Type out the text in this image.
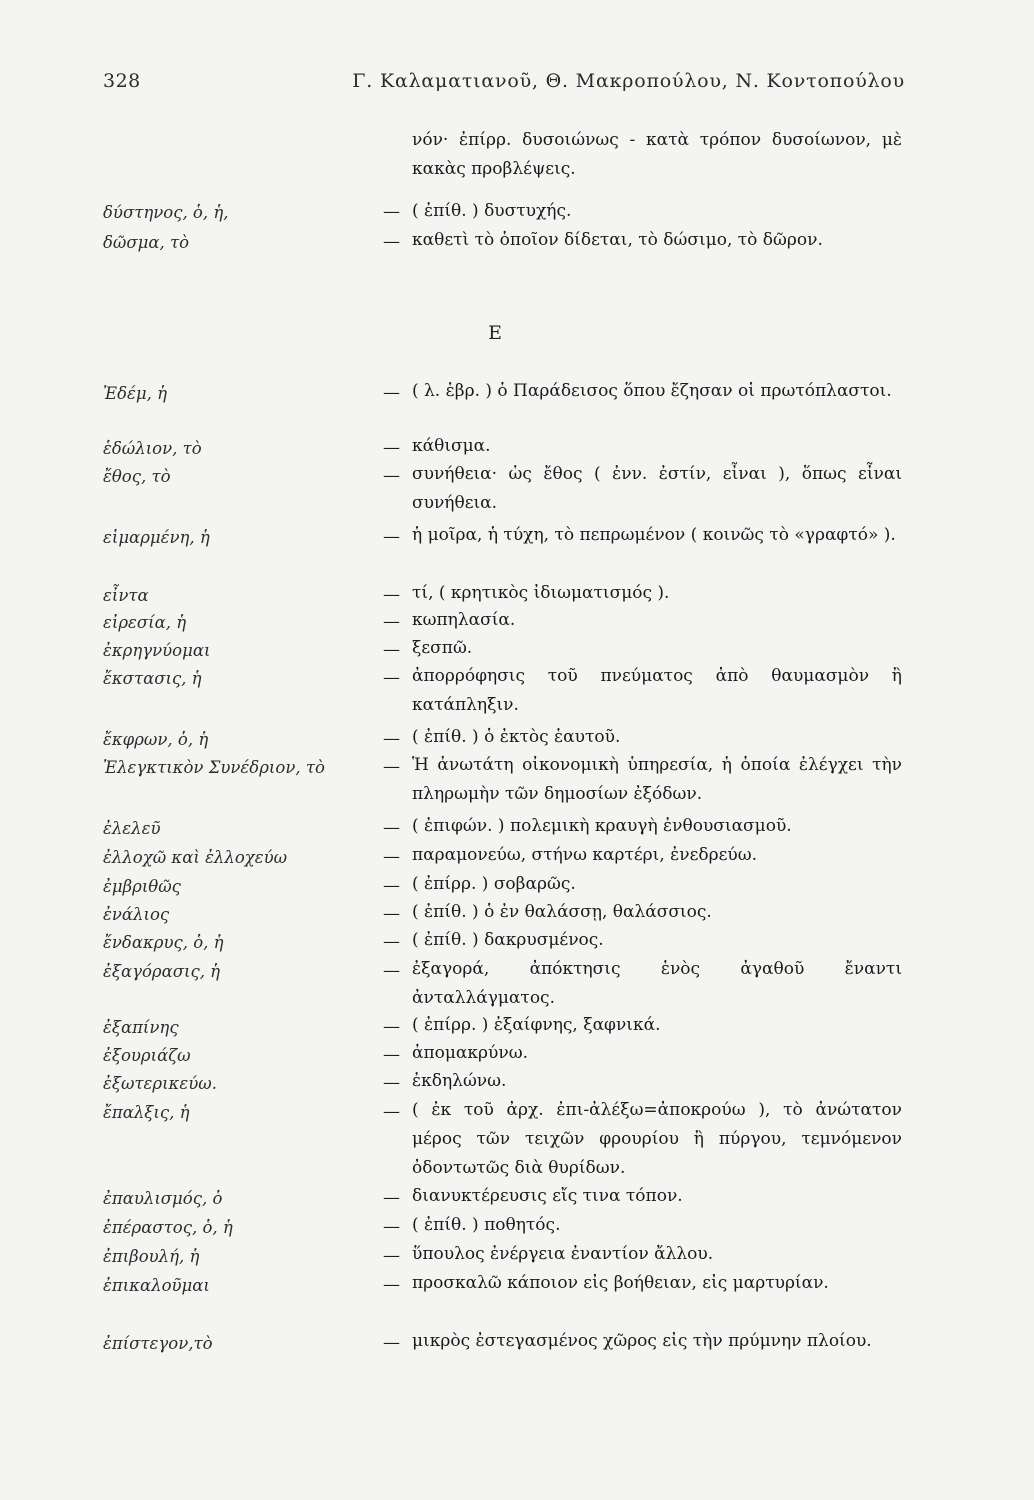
328	Γ. Καλαματιανοῦ, Θ. Μακροπούλου, Ν. Κοντοπούλου
νόν· ἐπίρρ. δυσοιώνως - κατὰ τρόπον δυσοίωνον, μὲ κακὰς προβλέψεις.
δύστηνος, ὁ, ἡ,	— ( ἐπίθ. ) δυστυχής.
δῶσμα, τὸ	— καθετὶ τὸ ὁποῖον δίδεται, τὸ δώσιμο, τὸ δῶρον.
Ε
Ἐδέμ, ἡ	— ( λ. ἑβρ. ) ὁ Παράδεισος ὅπου ἔζησαν οἱ πρωτόπλαστοι.
ἑδώλιον, τὸ	— κάθισμα.
ἔθος, τὸ	— συνήθεια· ὡς ἔθος ( ἐνν. ἐστίν, εἶναι ), ὅπως εἶναι συνήθεια.
εἱμαρμένη, ἡ	— ἡ μοῖρα, ἡ τύχη, τὸ πεπρωμένον ( κοινῶς τὸ «γραφτό» ).
εἶντα	— τί, ( κρητικὸς ἰδιωματισμός ).
εἰρεσία, ἡ	— κωπηλασία.
ἐκρηγνύομαι	— ξεσπῶ.
ἔκστασις, ἡ	— ἀπορρόφησις τοῦ πνεύματος ἀπὸ θαυμασμὸν ἢ κατάπληξιν.
ἔκφρων, ὁ, ἡ	— ( ἐπίθ. ) ὁ ἐκτὸς ἑαυτοῦ.
Ἐλεγκτικὸν Συνέδριον, τὸ	— Ἡ ἀνωτάτη οἰκονομικὴ ὑπηρεσία, ἡ ὁποία ἐλέγχει τὴν πληρωμὴν τῶν δημοσίων ἐξόδων.
ἐλελεῦ	— ( ἐπιφών. ) πολεμικὴ κραυγὴ ἐνθουσιασμοῦ.
ἐλλοχῶ καὶ ἐλλοχεύω	— παραμονεύω, στήνω καρτέρι, ἐνεδρεύω.
ἐμβριθῶς	— ( ἐπίρρ. ) σοβαρῶς.
ἐνάλιος	— ( ἐπίθ. ) ὁ ἐν θαλάσσῃ, θαλάσσιος.
ἔνδακρυς, ὁ, ἡ	— ( ἐπίθ. ) δακρυσμένος.
ἐξαγόρασις, ἡ	— ἐξαγορά, ἀπόκτησις ἑνὸς ἀγαθοῦ ἔναντι ἀνταλλάγματος.
ἐξαπίνης	— ( ἐπίρρ. ) ἐξαίφνης, ξαφνικά.
ἐξουριάζω	— ἀπομακρύνω.
ἐξωτερικεύω.	— ἐκδηλώνω.
ἔπαλξις, ἡ	— ( ἐκ τοῦ ἀρχ. ἐπι-ἀλέξω=ἀποκρούω ), τὸ ἀνώτατον μέρος τῶν τειχῶν φρουρίου ἢ πύργου, τεμνόμενον ὀδοντωτῶς διὰ θυρίδων.
ἐπαυλισμός, ὁ	— διανυκτέρευσις εἴς τινα τόπον.
ἐπέραστος, ὁ, ἡ	— ( ἐπίθ. ) ποθητός.
ἐπιβουλή, ἡ	— ὕπουλος ἐνέργεια ἐναντίον ἄλλου.
ἐπικαλοῦμαι	— προσκαλῶ κάποιον εἰς βοήθειαν, εἰς μαρτυρίαν.
ἐπίστεγον,τὸ	— μικρὸς ἐστεγασμένος χῶρος εἰς τὴν πρύμνην πλοίου.
